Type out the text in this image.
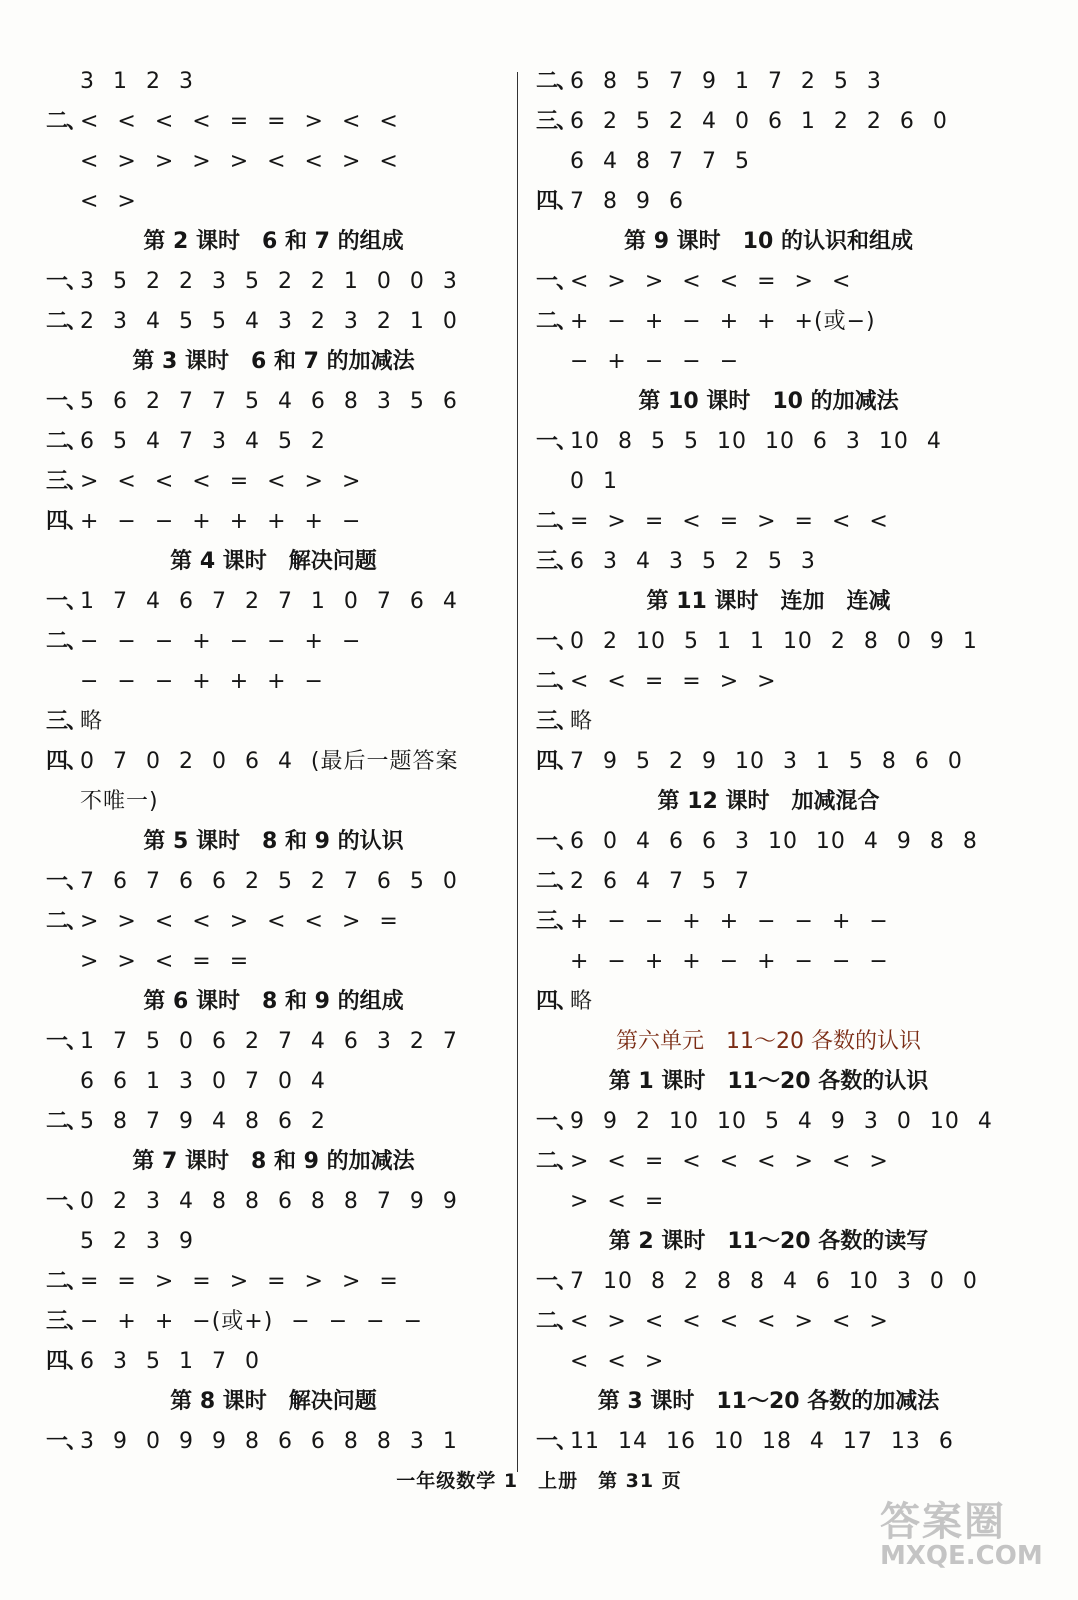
3 1 2 3
二、
< < < < = = > < <
< > > > > < < > <
< >
第 2 课时　6 和 7 的组成
一、
3 5 2 2 3 5 2 2 1 0 0 3
二、
2 3 4 5 5 4 3 2 3 2 1 0
第 3 课时　6 和 7 的加减法
一、
5 6 2 7 7 5 4 6 8 3 5 6
二、
6 5 4 7 3 4 5 2
三、
> < < < = < > >
四、
+ − − + + + + −
第 4 课时　解决问题
一、
1 7 4 6 7 2 7 1 0 7 6 4
二、
− − − + − − + −
− − − + + + −
三、
略
四、
0 7 0 2 0 6 4 (最后一题答案
不唯一)
第 5 课时　8 和 9 的认识
一、
7 6 7 6 6 2 5 2 7 6 5 0
二、
> > < < > < < > =
> > < = =
第 6 课时　8 和 9 的组成
一、
1 7 5 0 6 2 7 4 6 3 2 7
6 6 1 3 0 7 0 4
二、
5 8 7 9 4 8 6 2
第 7 课时　8 和 9 的加减法
一、
0 2 3 4 8 8 6 8 8 7 9 9
5 2 3 9
二、
= = > = > = > > =
三、
− + + −(或+) − − − −
四、
6 3 5 1 7 0
第 8 课时　解决问题
一、
3 9 0 9 9 8 6 6 8 8 3 1
二、
6 8 5 7 9 1 7 2 5 3
三、
6 2 5 2 4 0 6 1 2 2 6 0
6 4 8 7 7 5
四、
7 8 9 6
第 9 课时　10 的认识和组成
一、
< > > < < = > <
二、
+ − + − + + +(或−)
− + − − −
第 10 课时　10 的加减法
一、
10 8 5 5 10 10 6 3 10 4
0 1
二、
= > = < = > = < <
三、
6 3 4 3 5 2 5 3
第 11 课时　连加　连减
一、
0 2 10 5 1 1 10 2 8 0 9 1
二、
< < = = > >
三、
略
四、
7 9 5 2 9 10 3 1 5 8 6 0
第 12 课时　加减混合
一、
6 0 4 6 6 3 10 10 4 9 8 8
二、
2 6 4 7 5 7
三、
+ − − + + − − + −
+ − + + − + − − −
四、
略
第六单元　11～20 各数的认识
第 1 课时　11～20 各数的认识
一、
9 9 2 10 10 5 4 9 3 0 10 4
二、
> < = < < < > < >
> < =
第 2 课时　11～20 各数的读写
一、
7 10 8 2 8 8 4 6 10 3 0 0
二、
< > < < < < > < >
< < >
第 3 课时　11～20 各数的加减法
一、
11 14 16 10 18 4 17 13 6
一年级数学 1　上册　第 31 页
答案圈
MXQE.COM
